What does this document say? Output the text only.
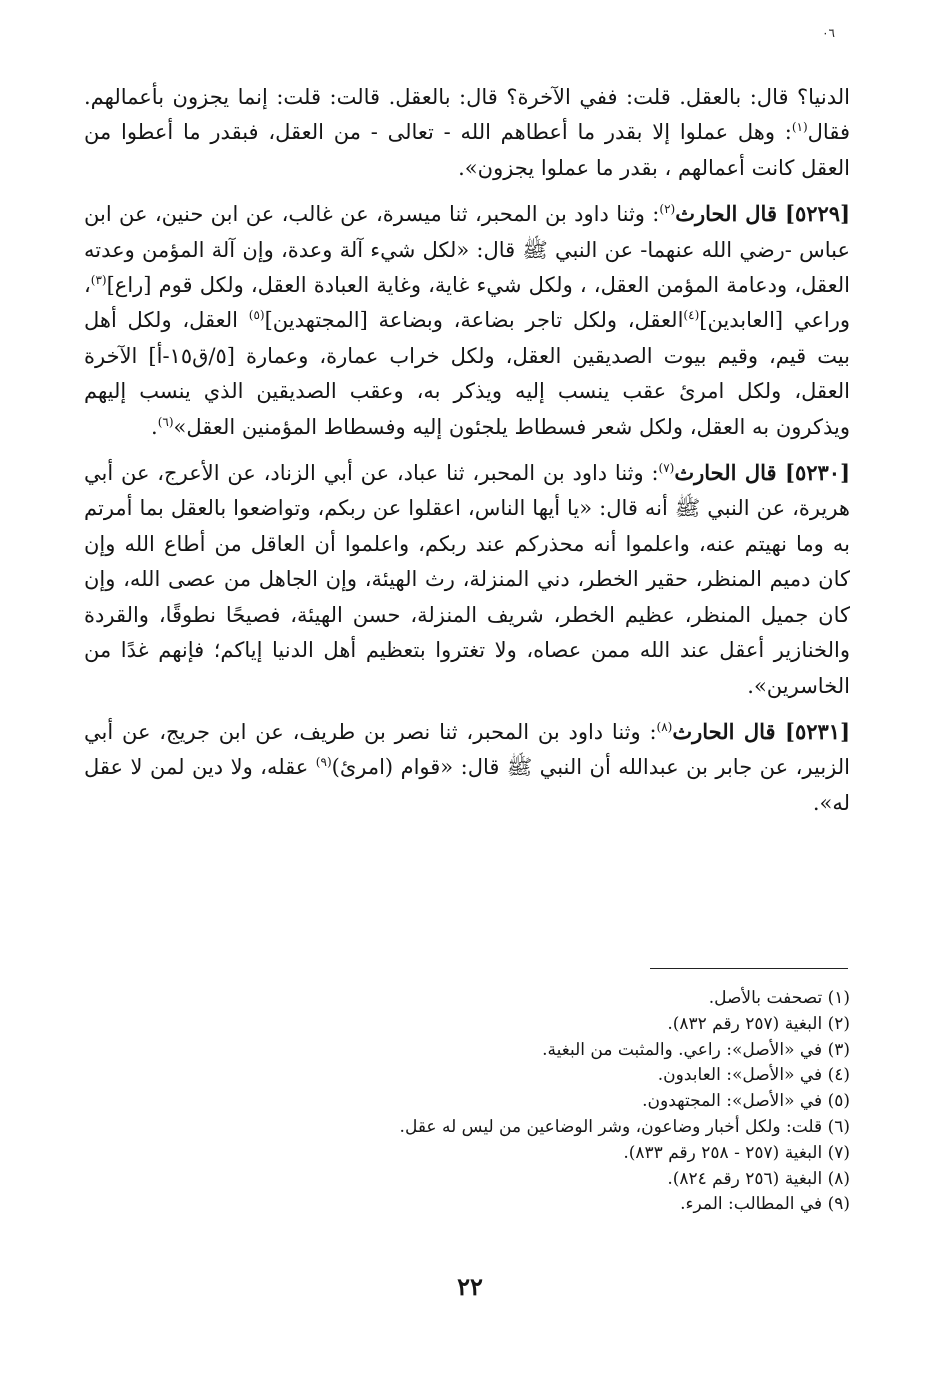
٠٦

الدنيا؟ قال: بالعقل. قلت: ففي الآخرة؟ قال: بالعقل. قالت: قلت: إنما يجزون بأعمالهم. فقال$^{(١)}$: وهل عملوا إلا بقدر ما أعطاهم الله - تعالى - من العقل، فبقدر ما أعطوا من العقل كانت أعمالهم ، بقدر ما عملوا يجزون».

[٥٢٢٩] قال الحارث$^{(٢)}$: وثنا داود بن المحبر، ثنا ميسرة، عن غالب، عن ابن حنين، عن ابن عباس -رضي الله عنهما- عن النبي ﷺ قال: «لكل شيء آلة وعدة، وإن آلة المؤمن وعدته العقل، ودعامة المؤمن العقل، ، ولكل شيء غاية، وغاية العبادة العقل، ولكل قوم [راع]$^{(٣)}$، وراعي [العابدين]$^{(٤)}$العقل، ولكل تاجر بضاعة، وبضاعة [المجتهدين]$^{(٥)}$ العقل، ولكل أهل بيت قيم، وقيم بيوت الصديقين العقل، ولكل خراب عمارة، وعمارة [٥/ق١٥-أ] الآخرة العقل، ولكل امرئ عقب ينسب إليه ويذكر به، وعقب الصديقين الذي ينسب إليهم ويذكرون به العقل، ولكل شعر فسطاط يلجئون إليه وفسطاط المؤمنين العقل»$^{(٦)}$.

[٥٢٣٠] قال الحارث$^{(٧)}$: وثنا داود بن المحبر، ثنا عباد، عن أبي الزناد، عن الأعرج، عن أبي هريرة، عن النبي ﷺ أنه قال: «يا أيها الناس، اعقلوا عن ربكم، وتواضعوا بالعقل بما أمرتم به وما نهيتم عنه، واعلموا أنه محذركم عند ربكم، واعلموا أن العاقل من أطاع الله وإن كان دميم المنظر، حقير الخطر، دني المنزلة، رث الهيئة، وإن الجاهل من عصى الله، وإن كان جميل المنظر، عظيم الخطر، شريف المنزلة، حسن الهيئة، فصيحًا نطوقًا، والقردة والخنازير أعقل عند الله ممن عصاه، ولا تغتروا بتعظيم أهل الدنيا إياكم؛ فإنهم غدًا من الخاسرين».

[٥٢٣١] قال الحارث$^{(٨)}$: وثنا داود بن المحبر، ثنا نصر بن طريف، عن ابن جريج، عن أبي الزبير، عن جابر بن عبدالله أن النبي ﷺ قال: «قوام (امرئ)$^{(٩)}$ عقله، ولا دين لمن لا عقل له».

(١) تصحفت بالأصل.

(٢) البغية (٢٥٧ رقم ٨٣٢).

(٣) في «الأصل»: راعي. والمثبت من البغية.

(٤) في «الأصل»: العابدون.

(٥) في «الأصل»: المجتهدون.

(٦) قلت: ولكل أخبار وضاعون، وشر الوضاعين من ليس له عقل.

(٧) البغية (٢٥٧ - ٢٥٨ رقم ٨٣٣).

(٨) البغية (٢٥٦ رقم ٨٢٤).

(٩) في المطالب: المرء.

٢٢
